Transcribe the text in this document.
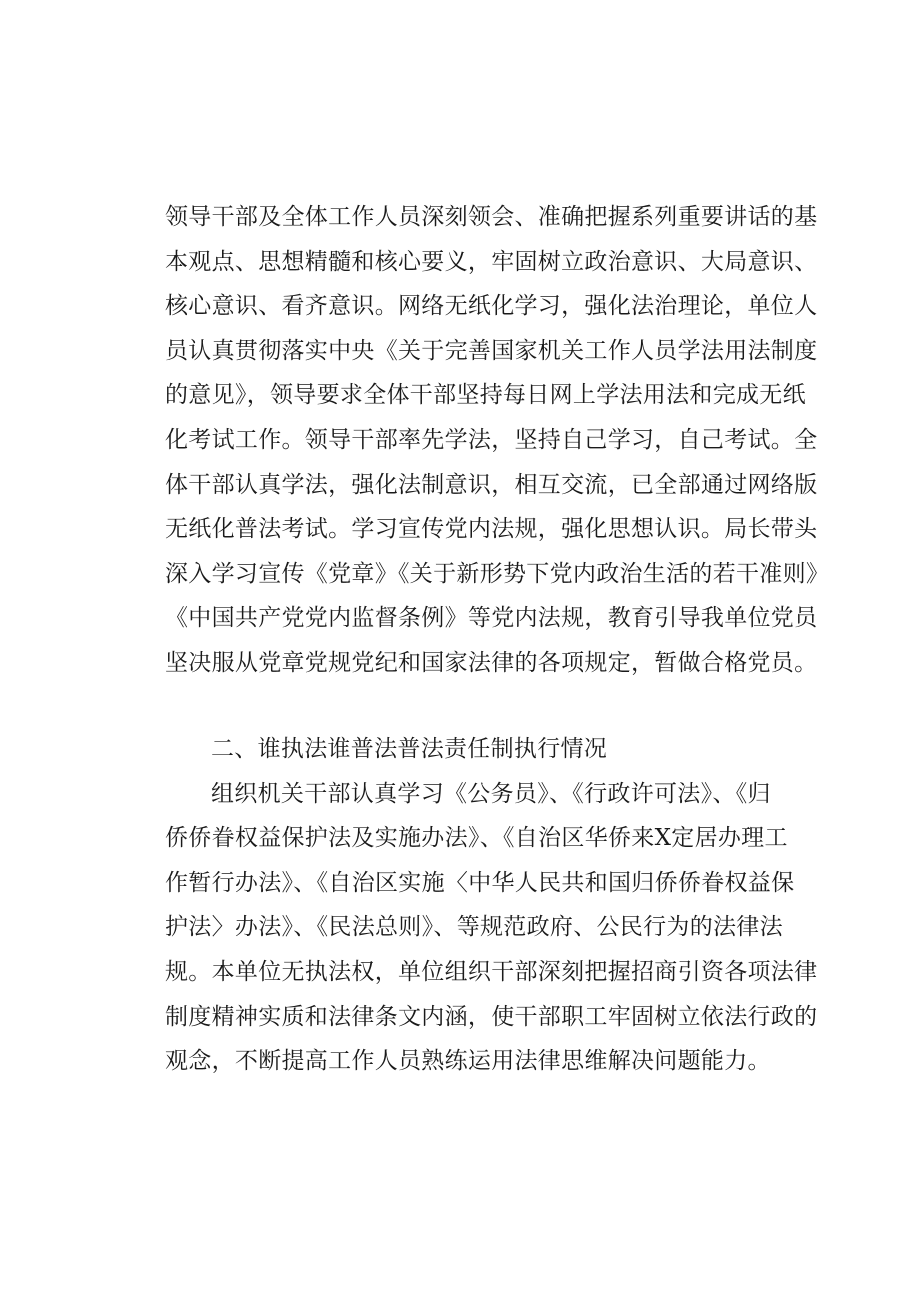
领导干部及全体工作人员深刻领会、准确把握系列重要讲话的基
本观点、思想精髓和核心要义，牢固树立政治意识、大局意识、
核心意识、看齐意识。网络无纸化学习，强化法治理论，单位人
员认真贯彻落实中央《关于完善国家机关工作人员学法用法制度
的意见》，领导要求全体干部坚持每日网上学法用法和完成无纸
化考试工作。领导干部率先学法，坚持自己学习，自己考试。全
体干部认真学法，强化法制意识，相互交流，已全部通过网络版
无纸化普法考试。学习宣传党内法规，强化思想认识。局长带头
深入学习宣传《党章》《关于新形势下党内政治生活的若干准则》
《中国共产党党内监督条例》等党内法规，教育引导我单位党员
坚决服从党章党规党纪和国家法律的各项规定，暂做合格党员。
二、谁执法谁普法普法责任制执行情况
组织机关干部认真学习《公务员》、《行政许可法》、《归
侨侨眷权益保护法及实施办法》、《自治区华侨来X定居办理工
作暂行办法》、《自治区实施〈中华人民共和国归侨侨眷权益保
护法〉办法》、《民法总则》、等规范政府、公民行为的法律法
规。本单位无执法权，单位组织干部深刻把握招商引资各项法律
制度精神实质和法律条文内涵，使干部职工牢固树立依法行政的
观念，不断提高工作人员熟练运用法律思维解决问题能力。
